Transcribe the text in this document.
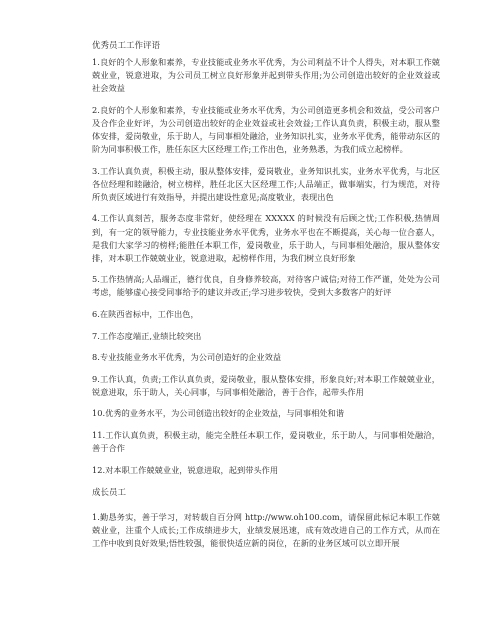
优秀员工工作评语

1.良好的个人形象和素养，专业技能或业务水平优秀，为公司利益不计个人得失，对本职工作兢兢业业，锐意进取，为公司员工树立良好形象并起到带头作用;为公司创造出较好的企业效益或社会效益

2.良好的个人形象和素养，专业技能或业务水平优秀，为公司创造更多机会和效益，受公司客户及合作企业好评，为公司创造出较好的企业效益或社会效益;工作认真负责，积极主动，服从整体安排，爱岗敬业，乐于助人，与同事相处融洽，业务知识扎实，业务水平优秀，能带动东区的阶为同事积极工作，胜任东区大区经理工作;工作出色，业务熟悉，为我们成立起榜样。

3.工作认真负责，积极主动，服从整体安排，爱岗敬业，业务知识扎实，业务水平优秀，与北区各位经理和睦融洽，树立榜样，胜任北区大区经理工作;人品端正，做事端实，行为规范，对待所负责区域进行有效指导，并提出建设性意见;高度敬业，表现出色

4.工作认真刻苦，服务态度非常好，使经理在 XXXXX 的时候没有后顾之忧;工作积极,热情周到，有一定的领导能力，专业技能业务水平优秀，业务水平也在不断提高，关心每一位合嘉人，是我们大家学习的榜样;能胜任本职工作，爱岗敬业，乐于助人，与同事相处融洽，服从整体安排，对本职工作兢兢业业，锐意进取，起榜样作用，为我们树立良好形象

5.工作热情高;人品端正，德行优良，自身修养较高，对待客户诚信;对待工作严谨，处处为公司考虑，能够虚心接受同事给予的建议并改正;学习进步较快，受到大多数客户的好评

6.在陕西省标中，工作出色，

7.工作态度端正,业绩比较突出

8.专业技能业务水平优秀，为公司创造好的企业效益

9.工作认真，负责;工作认真负责，爱岗敬业，服从整体安排，形象良好;对本职工作兢兢业业，锐意进取，乐于助人，关心同事，与同事相处融洽，善于合作，起带头作用

10.优秀的业务水平，为公司创造出较好的企业效益，与同事相处和谐

11.工作认真负责，积极主动，能完全胜任本职工作，爱岗敬业，乐于助人，与同事相处融洽，善于合作

12.对本职工作兢兢业业，锐意进取，起到带头作用

成长员工

1.勤恳务实，善于学习，对转载自百分网 http://www.oh100.com，请保留此标记本职工作兢兢业业，注重个人成长;工作成绩进步大，业绩发展迅速，成有效改进自己的工作方式，从而在工作中收到良好效果;悟性较强，能很快适应新的岗位，在新的业务区域可以立即开展
